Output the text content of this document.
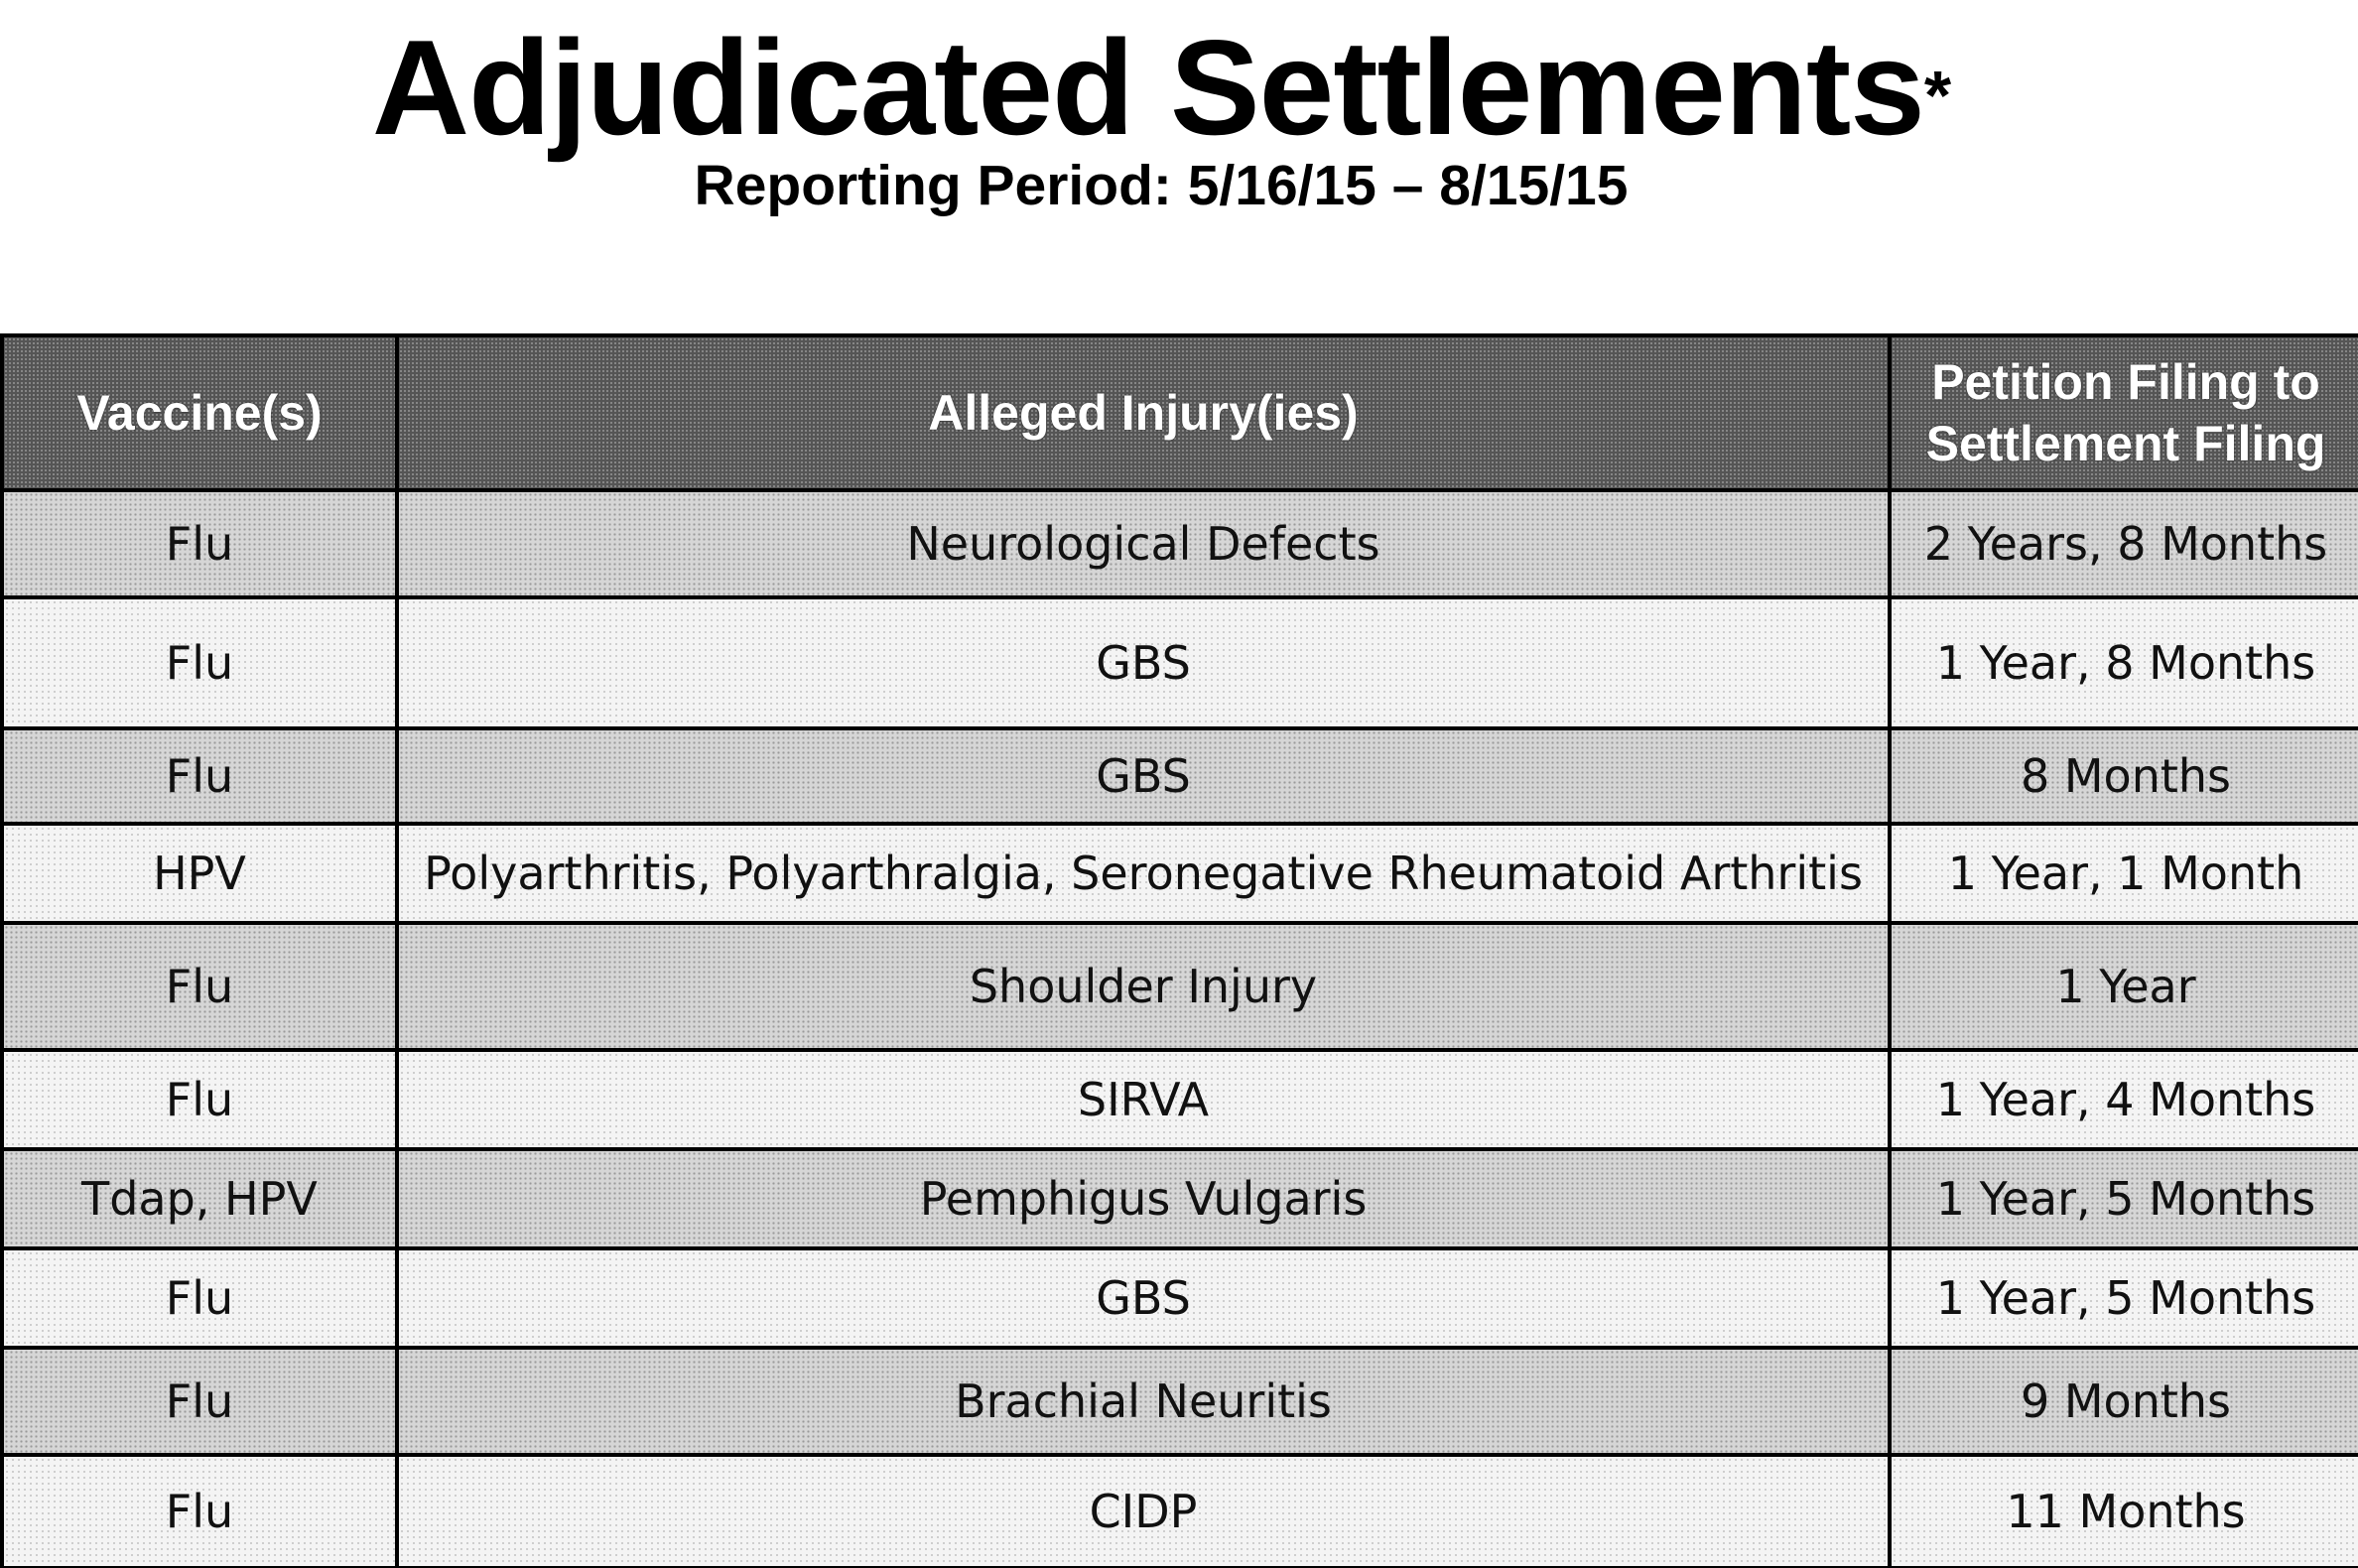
Adjudicated Settlements*
Reporting Period: 5/16/15 – 8/15/15
Vaccine(s)	Alleged Injury(ies)	Petition Filing to
Settlement Filing
Flu	Neurological Defects	2 Years, 8 Months
Flu	GBS	1 Year, 8 Months
Flu	GBS	8 Months
HPV	Polyarthritis, Polyarthralgia, Seronegative Rheumatoid Arthritis	1 Year, 1 Month
Flu	Shoulder Injury	1 Year
Flu	SIRVA	1 Year, 4 Months
Tdap, HPV	Pemphigus Vulgaris	1 Year, 5 Months
Flu	GBS	1 Year, 5 Months
Flu	Brachial Neuritis	9 Months
Flu	CIDP	11 Months
